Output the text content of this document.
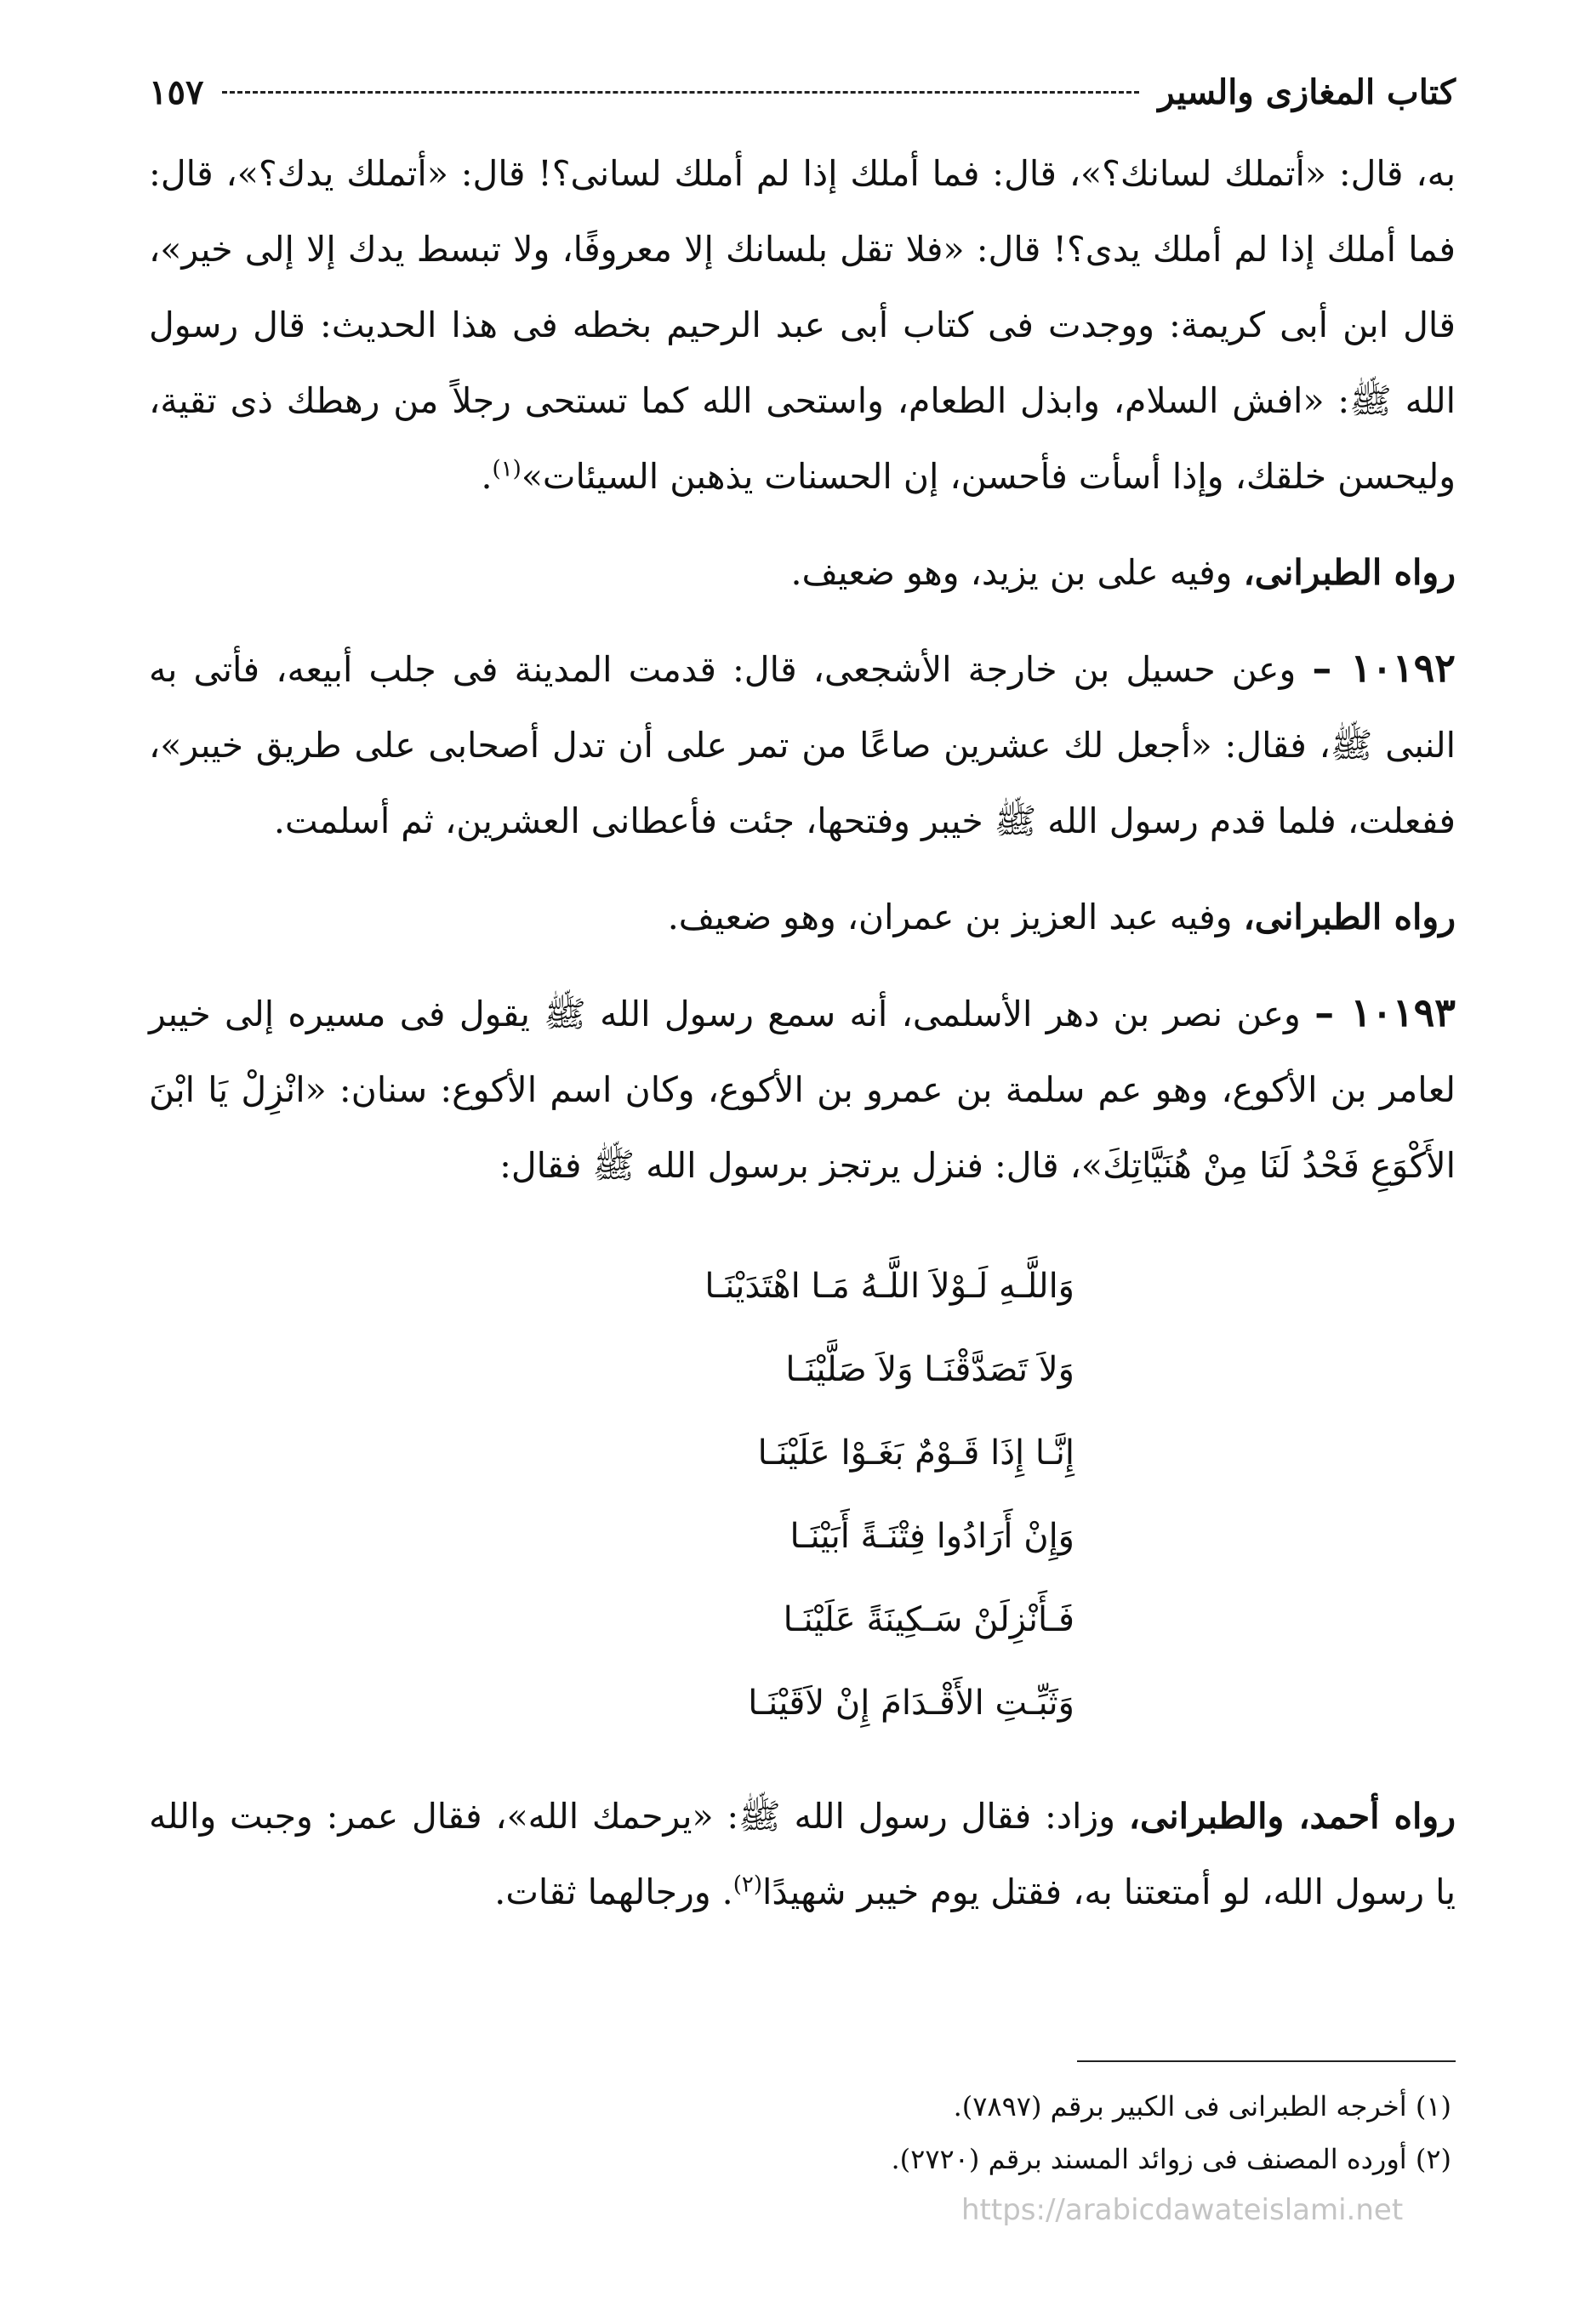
كتاب المغازى والسير
١٥٧

به، قال: «أتملك لسانك؟»، قال: فما أملك إذا لم أملك لسانى؟! قال: «أتملك يدك؟»، قال: فما أملك إذا لم أملك يدى؟! قال: «فلا تقل بلسانك إلا معروفًا، ولا تبسط يدك إلا إلى خير»، قال ابن أبى كريمة: ووجدت فى كتاب أبى عبد الرحيم بخطه فى هذا الحديث: قال رسول الله ﷺ: «افش السلام، وابذل الطعام، واستحى الله كما تستحى رجلاً من رهطك ذى تقية، وليحسن خلقك، وإذا أسأت فأحسن، إن الحسنات يذهبن السيئات»$^{(١)}$.

رواه الطبرانى، وفيه على بن يزيد، وهو ضعيف.

١٠١٩٢ – وعن حسيل بن خارجة الأشجعى، قال: قدمت المدينة فى جلب أبيعه، فأتى به النبى ﷺ، فقال: «أجعل لك عشرين صاعًا من تمر على أن تدل أصحابى على طريق خيبر»، ففعلت، فلما قدم رسول الله ﷺ خيبر وفتحها، جئت فأعطانى العشرين، ثم أسلمت.

رواه الطبرانى، وفيه عبد العزيز بن عمران، وهو ضعيف.

١٠١٩٣ – وعن نصر بن دهر الأسلمى، أنه سمع رسول الله ﷺ يقول فى مسيره إلى خيبر لعامر بن الأكوع، وهو عم سلمة بن عمرو بن الأكوع، وكان اسم الأكوع: سنان: «انْزِلْ يَا ابْنَ الأَكْوَعِ فَحْدُ لَنَا مِنْ هُنَيَّاتِكَ»، قال: فنزل يرتجز برسول الله ﷺ فقال:

وَاللَّـهِ لَـوْلاَ اللَّـهُ مَـا اهْتَدَيْنَـا
وَلاَ تَصَدَّقْنَـا وَلاَ صَلَّيْنَـا
إِنَّـا إِذَا قَـوْمٌ بَغَـوْا عَلَيْنَـا
وَإِنْ أَرَادُوا فِتْنَـةً أَبَيْنَـا
فَـأَنْزِلَنْ سَـكِينَةً عَلَيْنَـا
وَثَبِّـتِ الأَقْـدَامَ إِنْ لاَقَيْنَـا

رواه أحمد، والطبرانى، وزاد: فقال رسول الله ﷺ: «يرحمك الله»، فقال عمر: وجبت والله يا رسول الله، لو أمتعتنا به، فقتل يوم خيبر شهيدًا$^{(٢)}$. ورجالهما ثقات.

(١) أخرجه الطبرانى فى الكبير برقم (٧٨٩٧).

(٢) أورده المصنف فى زوائد المسند برقم (٢٧٢٠).

https://arabicdawateislami.net
